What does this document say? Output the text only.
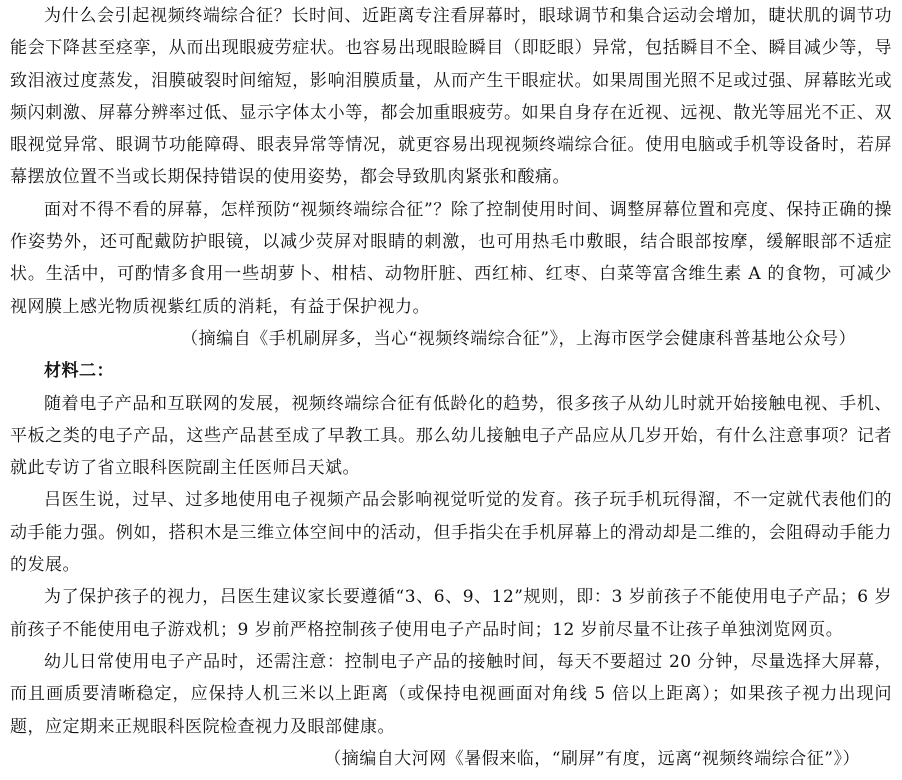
为什么会引起视频终端综合征？长时间、近距离专注看屏幕时，眼球调节和集合运动会增加，睫状肌的调节功能会下降甚至痉挛，从而出现眼疲劳症状。也容易出现眼睑瞬目（即眨眼）异常，包括瞬目不全、瞬目减少等，导致泪液过度蒸发，泪膜破裂时间缩短，影响泪膜质量，从而产生干眼症状。如果周围光照不足或过强、屏幕眩光或频闪刺激、屏幕分辨率过低、显示字体太小等，都会加重眼疲劳。如果自身存在近视、远视、散光等屈光不正、双眼视觉异常、眼调节功能障碍、眼表异常等情况，就更容易出现视频终端综合征。使用电脑或手机等设备时，若屏幕摆放位置不当或长期保持错误的使用姿势，都会导致肌肉紧张和酸痛。

面对不得不看的屏幕，怎样预防“视频终端综合征”？除了控制使用时间、调整屏幕位置和亮度、保持正确的操作姿势外，还可配戴防护眼镜，以减少荧屏对眼睛的刺激，也可用热毛巾敷眼，结合眼部按摩，缓解眼部不适症状。生活中，可酌情多食用一些胡萝卜、柑桔、动物肝脏、西红柿、红枣、白菜等富含维生素 A 的食物，可减少视网膜上感光物质视紫红质的消耗，有益于保护视力。

（摘编自《手机刷屏多，当心“视频终端综合征”》，上海市医学会健康科普基地公众号）

材料二：

随着电子产品和互联网的发展，视频终端综合征有低龄化的趋势，很多孩子从幼儿时就开始接触电视、手机、平板之类的电子产品，这些产品甚至成了早教工具。那么幼儿接触电子产品应从几岁开始，有什么注意事项？记者就此专访了省立眼科医院副主任医师吕天斌。

吕医生说，过早、过多地使用电子视频产品会影响视觉听觉的发育。孩子玩手机玩得溜，不一定就代表他们的动手能力强。例如，搭积木是三维立体空间中的活动，但手指尖在手机屏幕上的滑动却是二维的，会阻碍动手能力的发展。

为了保护孩子的视力，吕医生建议家长要遵循“3、6、9、12”规则，即：3 岁前孩子不能使用电子产品；6 岁前孩子不能使用电子游戏机；9 岁前严格控制孩子使用电子产品时间；12 岁前尽量不让孩子单独浏览网页。

幼儿日常使用电子产品时，还需注意：控制电子产品的接触时间，每天不要超过 20 分钟，尽量选择大屏幕，而且画质要清晰稳定，应保持人机三米以上距离（或保持电视画面对角线 5 倍以上距离）；如果孩子视力出现问题，应定期来正规眼科医院检查视力及眼部健康。

（摘编自大河网《暑假来临，“刷屏”有度，远离“视频终端综合征”》）
